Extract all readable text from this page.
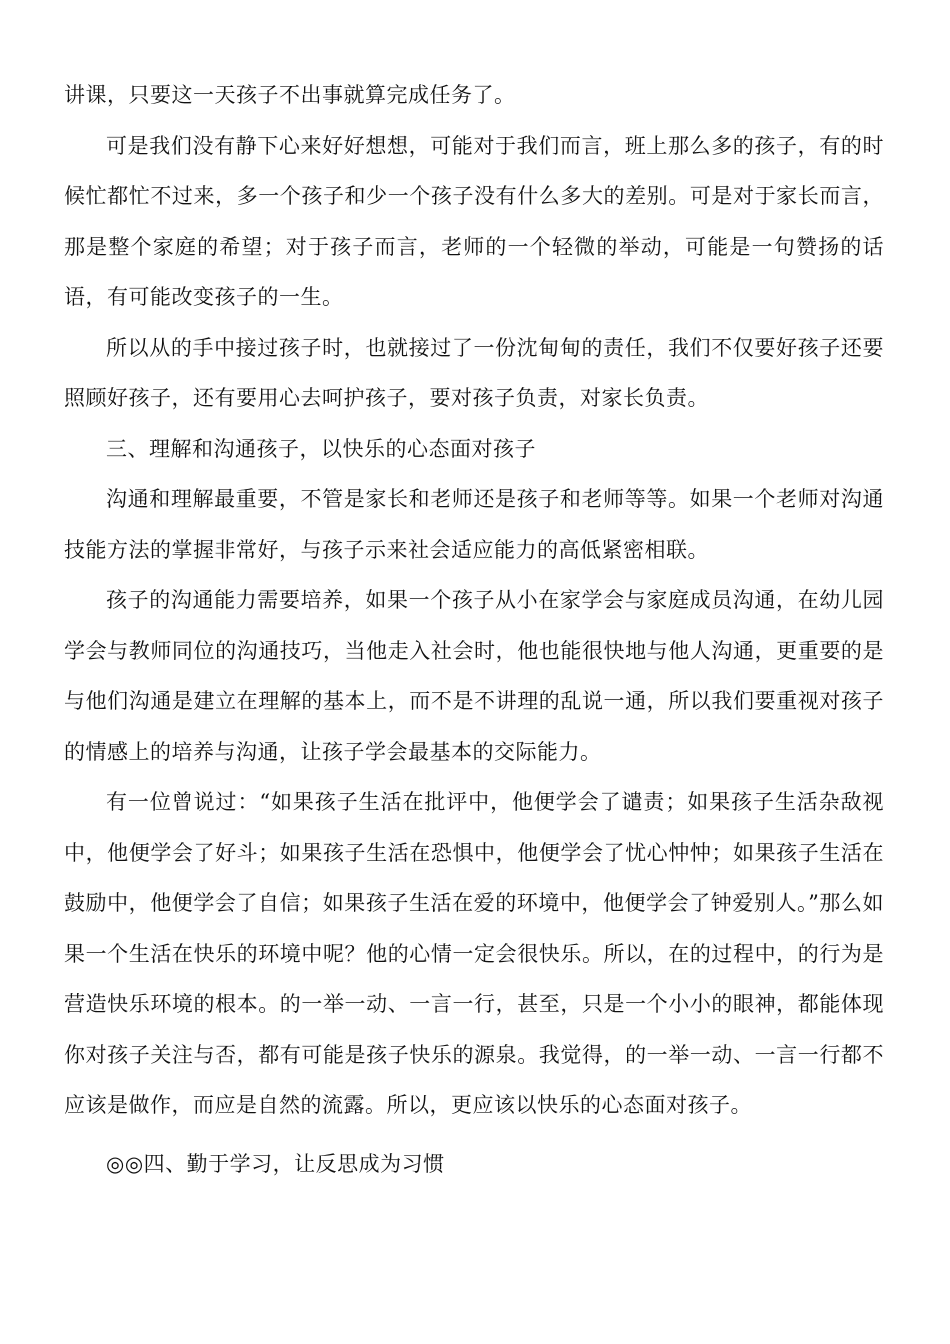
讲课，只要这一天孩子不出事就算完成任务了。

可是我们没有静下心来好好想想，可能对于我们而言，班上那么多的孩子，有的时候忙都忙不过来，多一个孩子和少一个孩子没有什么多大的差别。可是对于家长而言，那是整个家庭的希望；对于孩子而言，老师的一个轻微的举动，可能是一句赞扬的话语，有可能改变孩子的一生。

所以从的手中接过孩子时，也就接过了一份沈甸甸的责任，我们不仅要好孩子还要照顾好孩子，还有要用心去呵护孩子，要对孩子负责，对家长负责。

三、理解和沟通孩子，以快乐的心态面对孩子

沟通和理解最重要，不管是家长和老师还是孩子和老师等等。如果一个老师对沟通技能方法的掌握非常好，与孩子示来社会适应能力的高低紧密相联。

孩子的沟通能力需要培养，如果一个孩子从小在家学会与家庭成员沟通，在幼儿园学会与教师同位的沟通技巧，当他走入社会时，他也能很快地与他人沟通，更重要的是与他们沟通是建立在理解的基本上，而不是不讲理的乱说一通，所以我们要重视对孩子的情感上的培养与沟通，让孩子学会最基本的交际能力。

有一位曾说过：“如果孩子生活在批评中，他便学会了谴责；如果孩子生活杂敌视中，他便学会了好斗；如果孩子生活在恐惧中，他便学会了忧心忡忡；如果孩子生活在鼓励中，他便学会了自信；如果孩子生活在爱的环境中，他便学会了钟爱别人。”那么如果一个生活在快乐的环境中呢？他的心情一定会很快乐。所以，在的过程中，的行为是营造快乐环境的根本。的一举一动、一言一行，甚至，只是一个小小的眼神，都能体现你对孩子关注与否，都有可能是孩子快乐的源泉。我觉得，的一举一动、一言一行都不应该是做作，而应是自然的流露。所以，更应该以快乐的心态面对孩子。

◎◎四、勤于学习，让反思成为习惯
